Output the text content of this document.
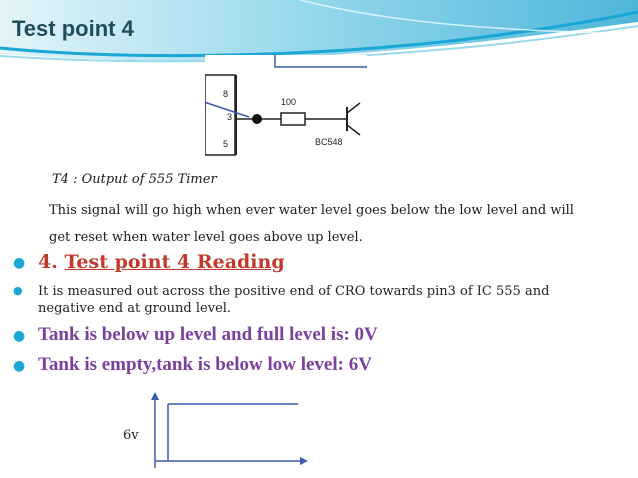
Test point 4
8
3
5
100
BC548
T4 : Output of 555 Timer
This signal will go high when ever water level goes below the low level and will
get reset when water level goes above up level.
● 4. Test point 4 Reading
● It is measured out across the positive end of CRO towards pin3 of IC 555 and negative end at ground level.
● Tank is below up level and full level is: 0V
● Tank is empty,tank is below low level: 6V
6v
